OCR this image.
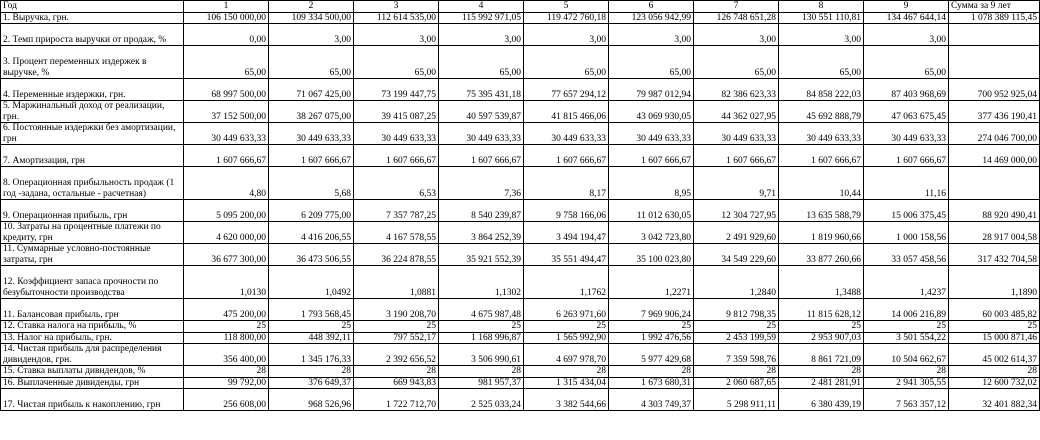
Год	1	2	3	4	5	6	7	8	9	Сумма за 9 лет
1. Выручка, грн.	106 150 000,00	109 334 500,00	112 614 535,00	115 992 971,05	119 472 760,18	123 056 942,99	126 748 651,28	130 551 110,81	134 467 644,14	1 078 389 115,45
2. Темп прироста выручки от продаж, %	0,00	3,00	3,00	3,00	3,00	3,00	3,00	3,00	3,00	
3. Процент переменных издержек в выручке, %	65,00	65,00	65,00	65,00	65,00	65,00	65,00	65,00	65,00	
4. Переменные издержки, грн.	68 997 500,00	71 067 425,00	73 199 447,75	75 395 431,18	77 657 294,12	79 987 012,94	82 386 623,33	84 858 222,03	87 403 968,69	700 952 925,04
5. Маржинальный доход от реализации, грн.	37 152 500,00	38 267 075,00	39 415 087,25	40 597 539,87	41 815 466,06	43 069 930,05	44 362 027,95	45 692 888,79	47 063 675,45	377 436 190,41
6. Постоянные издержки без амортизации, грн	30 449 633,33	30 449 633,33	30 449 633,33	30 449 633,33	30 449 633,33	30 449 633,33	30 449 633,33	30 449 633,33	30 449 633,33	274 046 700,00
7. Амортизация, грн	1 607 666,67	1 607 666,67	1 607 666,67	1 607 666,67	1 607 666,67	1 607 666,67	1 607 666,67	1 607 666,67	1 607 666,67	14 469 000,00
8. Операционная прибыльность продаж (1 год -задана, остальные - расчетная)	4,80	5,68	6,53	7,36	8,17	8,95	9,71	10,44	11,16	
9. Операционная прибыль, грн	5 095 200,00	6 209 775,00	7 357 787,25	8 540 239,87	9 758 166,06	11 012 630,05	12 304 727,95	13 635 588,79	15 006 375,45	88 920 490,41
10. Затраты на процентные платежи по кредиту, грн	4 620 000,00	4 416 206,55	4 167 578,55	3 864 252,39	3 494 194,47	3 042 723,80	2 491 929,60	1 819 960,66	1 000 158,56	28 917 004,58
11. Суммарные условно-постоянные затраты, грн	36 677 300,00	36 473 506,55	36 224 878,55	35 921 552,39	35 551 494,47	35 100 023,80	34 549 229,60	33 877 260,66	33 057 458,56	317 432 704,58
12. Коэффициент запаса прочности по безубыточности производства	1,0130	1,0492	1,0881	1,1302	1,1762	1,2271	1,2840	1,3488	1,4237	1,1890
11. Балансовая прибыль, грн	475 200,00	1 793 568,45	3 190 208,70	4 675 987,48	6 263 971,60	7 969 906,24	9 812 798,35	11 815 628,12	14 006 216,89	60 003 485,82
12. Ставка налога на прибыль, %	25	25	25	25	25	25	25	25	25	25
13. Налог на прибыль, грн.	118 800,00	448 392,11	797 552,17	1 168 996,87	1 565 992,90	1 992 476,56	2 453 199,59	2 953 907,03	3 501 554,22	15 000 871,46
14. Чистая прибыль для распределения дивидендов, грн.	356 400,00	1 345 176,33	2 392 656,52	3 506 990,61	4 697 978,70	5 977 429,68	7 359 598,76	8 861 721,09	10 504 662,67	45 002 614,37
15. Ставка выплаты дивидендов, %	28	28	28	28	28	28	28	28	28	28
16. Выплаченные дивиденды, грн	99 792,00	376 649,37	669 943,83	981 957,37	1 315 434,04	1 673 680,31	2 060 687,65	2 481 281,91	2 941 305,55	12 600 732,02
17. Чистая прибыль к накоплению, грн	256 608,00	968 526,96	1 722 712,70	2 525 033,24	3 382 544,66	4 303 749,37	5 298 911,11	6 380 439,19	7 563 357,12	32 401 882,34
